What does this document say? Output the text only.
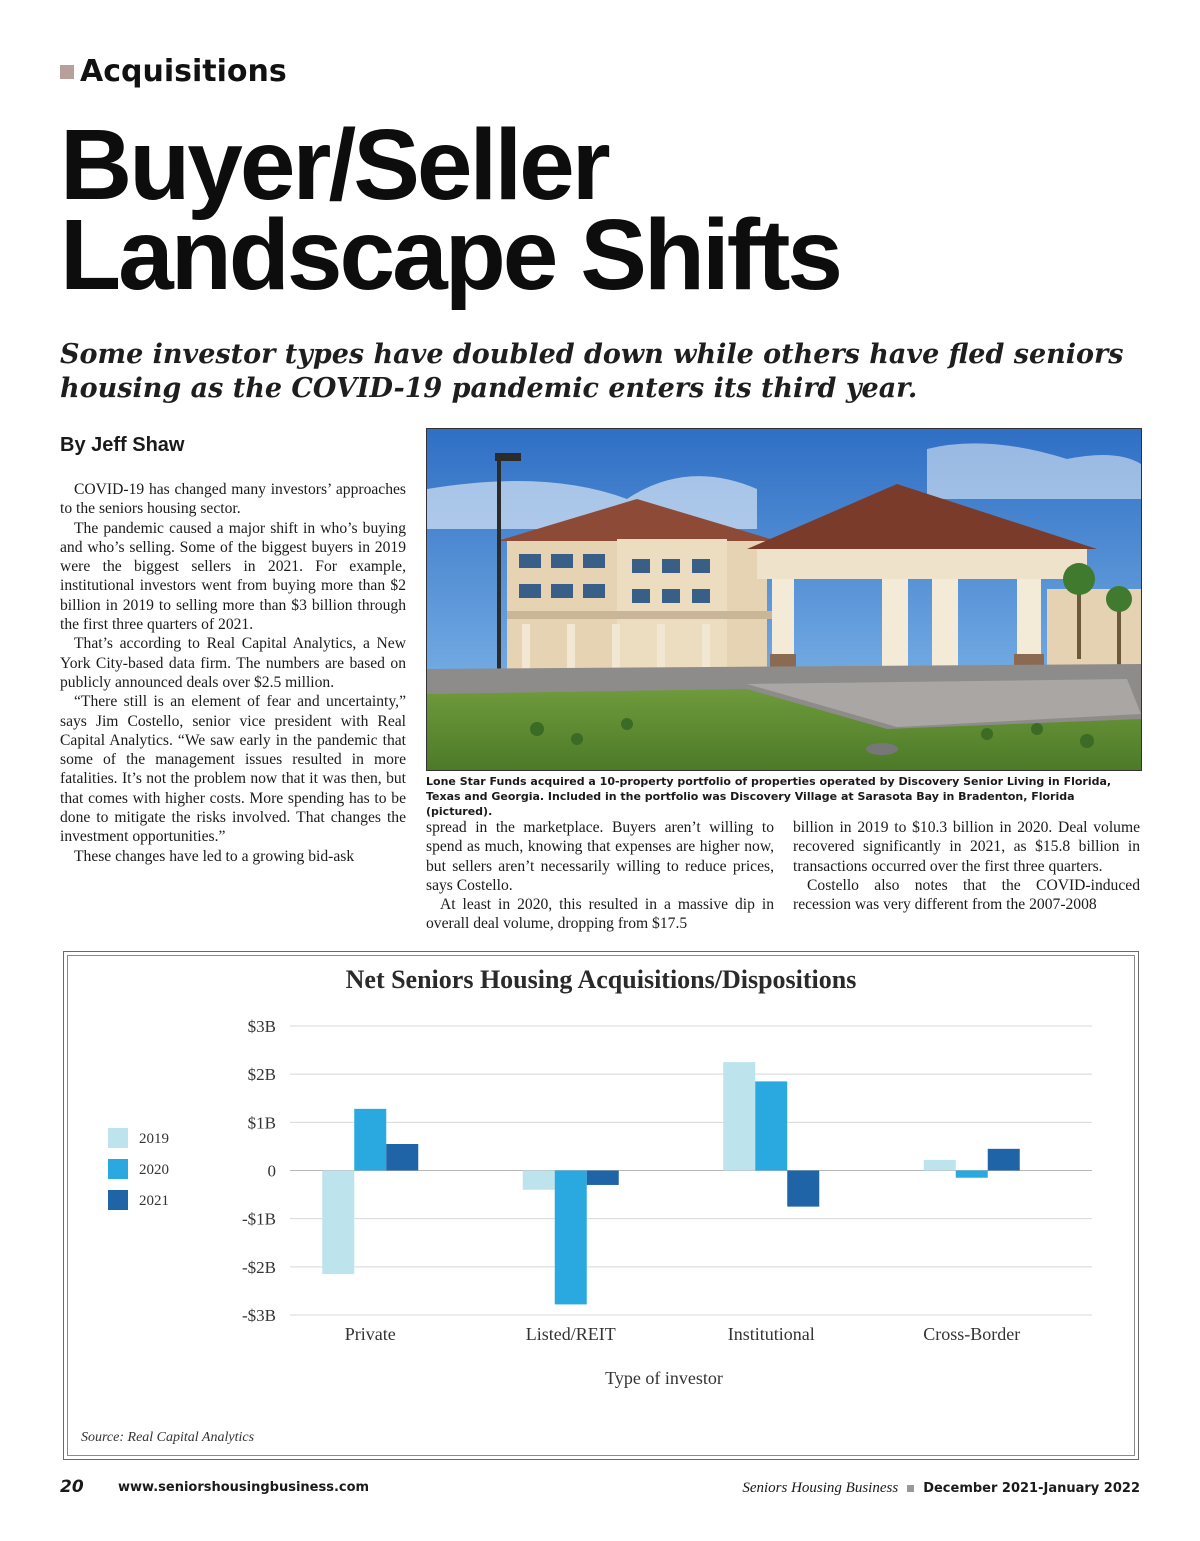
Acquisitions
Buyer/Seller
Landscape Shifts
Some investor types have doubled down while others have fled seniors housing as the COVID-19 pandemic enters its third year.
By Jeff Shaw

COVID-19 has changed many investors’ approaches to the seniors housing sector.

The pandemic caused a major shift in who’s buying and who’s selling. Some of the biggest buyers in 2019 were the biggest sellers in 2021. For example, institutional investors went from buying more than $2 billion in 2019 to selling more than $3 billion through the first three quarters of 2021.

That’s according to Real Capital Analytics, a New York City-based data firm. The numbers are based on publicly announced deals over $2.5 million.

“There still is an element of fear and uncertainty,” says Jim Costello, senior vice president with Real Capital Analytics. “We saw early in the pandemic that some of the management issues resulted in more fatalities. It’s not the problem now that it was then, but that comes with higher costs. More spending has to be done to mitigate the risks involved. That changes the investment opportunities.”

These changes have led to a growing bid-ask

Lone Star Funds acquired a 10-property portfolio of properties operated by Discovery Senior Living in Florida, Texas and Georgia. Included in the portfolio was Discovery Village at Sarasota Bay in Bradenton, Florida (pictured).

spread in the marketplace. Buyers aren’t willing to spend as much, knowing that expenses are higher now, but sellers aren’t necessarily willing to reduce prices, says Costello.

At least in 2020, this resulted in a massive dip in overall deal volume, dropping from $17.5

billion in 2019 to $10.3 billion in 2020. Deal volume recovered significantly in 2021, as $15.8 billion in transactions occurred over the first three quarters.

Costello also notes that the COVID-induced recession was very different from the 2007-2008

Net Seniors Housing Acquisitions/Dispositions
$3B
$2B
$1B
0
-$1B
-$2B
-$3B
Private	Listed/REIT	Institutional	Cross-Border
2019
2020
2021
Type of investor
Source: Real Capital Analytics
20	www.seniorshousingbusiness.com	Seniors Housing Business December 2021-January 2022
